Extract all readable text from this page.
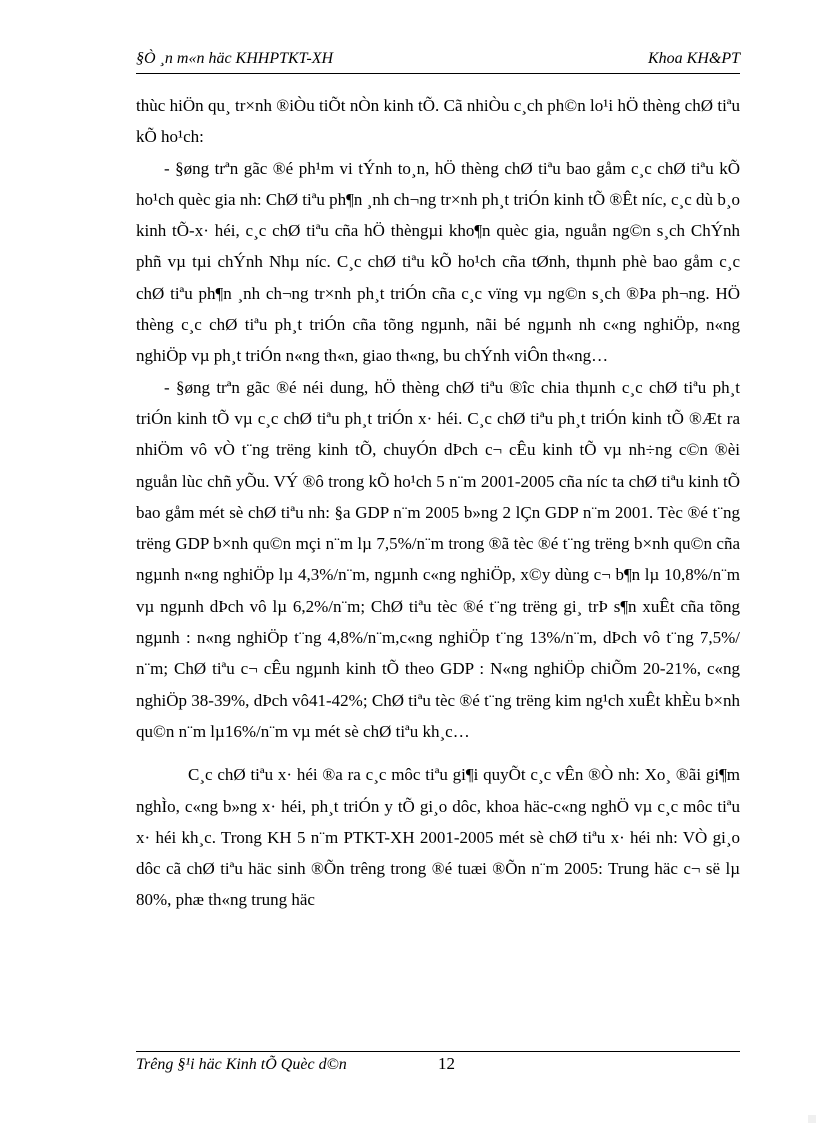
§Ò ¸n m«n häc KHHPTKT-XH	Khoa KH&PT

thùc hiÖn qu¸ tr×nh ®iÒu tiÕt nÒn kinh tÕ. Cã nhiÒu c¸ch ph©n lo¹i hÖ thèng chØ tiªu kÕ ho¹ch:

- §øng trªn gãc ®é ph¹m vi tÝnh to¸n, hÖ thèng chØ tiªu bao gåm c¸c chØ tiªu kÕ ho¹ch quèc gia nh: ChØ tiªu ph¶n ¸nh ch¬ng tr×nh ph¸t triÓn kinh tÕ ®Êt níc, c¸c dù b¸o kinh tÕ-x· héi, c¸c chØ tiªu cña hÖ thèngµi kho¶n quèc gia, nguån ng©n s¸ch ChÝnh phñ vµ tµi chÝnh Nhµ níc. C¸c chØ tiªu kÕ ho¹ch cña tØnh, thµnh phè bao gåm c¸c chØ tiªu ph¶n ¸nh ch¬ng tr×nh ph¸t triÓn cña c¸c vïng vµ ng©n s¸ch ®Þa ph¬ng. HÖ thèng c¸c chØ tiªu ph¸t triÓn cña tõng ngµnh, nãi bé ngµnh nh c«ng nghiÖp, n«ng nghiÖp vµ ph¸t triÓn n«ng th«n, giao th«ng, bu chÝnh viÔn th«ng…

- §øng trªn gãc ®é néi dung, hÖ thèng chØ tiªu ®îc chia thµnh c¸c chØ tiªu ph¸t triÓn kinh tÕ vµ c¸c chØ tiªu ph¸t triÓn x· héi. C¸c chØ tiªu ph¸t triÓn kinh tÕ ®Æt ra nhiÖm vô vÒ t¨ng trëng kinh tÕ, chuyÓn dÞch c¬ cÊu kinh tÕ vµ nh÷ng c©n ®èi nguån lùc chñ yÕu. VÝ ®ô trong kÕ ho¹ch 5 n¨m 2001-2005 cña níc ta chØ tiªu kinh tÕ bao gåm mét sè chØ tiªu nh: §a GDP n¨m 2005 b»ng 2 lÇn GDP n¨m 2001. Tèc ®é t¨ng trëng GDP b×nh qu©n mçi n¨m lµ 7,5%/n¨m trong ®ã tèc ®é t¨ng trëng b×nh qu©n cña ngµnh n«ng nghiÖp lµ 4,3%/n¨m, ngµnh c«ng nghiÖp, x©y dùng c¬ b¶n lµ 10,8%/n¨m vµ ngµnh dÞch vô lµ 6,2%/n¨m; ChØ tiªu tèc ®é t¨ng trëng gi¸ trÞ s¶n xuÊt cña tõng ngµnh : n«ng nghiÖp t¨ng 4,8%/n¨m,c«ng nghiÖp t¨ng 13%/n¨m, dÞch vô t¨ng 7,5%/ n¨m; ChØ tiªu c¬ cÊu ngµnh kinh tÕ theo GDP : N«ng nghiÖp chiÕm 20-21%, c«ng nghiÖp 38-39%, dÞch vô41-42%; ChØ tiªu tèc ®é t¨ng trëng kim ng¹ch xuÊt khÈu b×nh qu©n n¨m lµ16%/n¨m vµ mét sè chØ tiªu kh¸c…

C¸c chØ tiªu x· héi ®a ra c¸c môc tiªu gi¶i quyÕt c¸c vÊn ®Ò nh: Xo¸ ®ãi gi¶m nghÌo, c«ng b»ng x· héi, ph¸t triÓn y tÕ gi¸o dôc, khoa häc-c«ng nghÖ vµ c¸c môc tiªu x· héi kh¸c. Trong KH 5 n¨m PTKT-XH 2001-2005 mét sè chØ tiªu x· héi nh: VÒ gi¸o dôc cã chØ tiªu häc sinh ®Õn trêng trong ®é tuæi ®Õn n¨m 2005: Trung häc c¬ së lµ 80%, phæ th«ng trung häc

Trêng §¹i häc Kinh tÕ Quèc d©n	12
